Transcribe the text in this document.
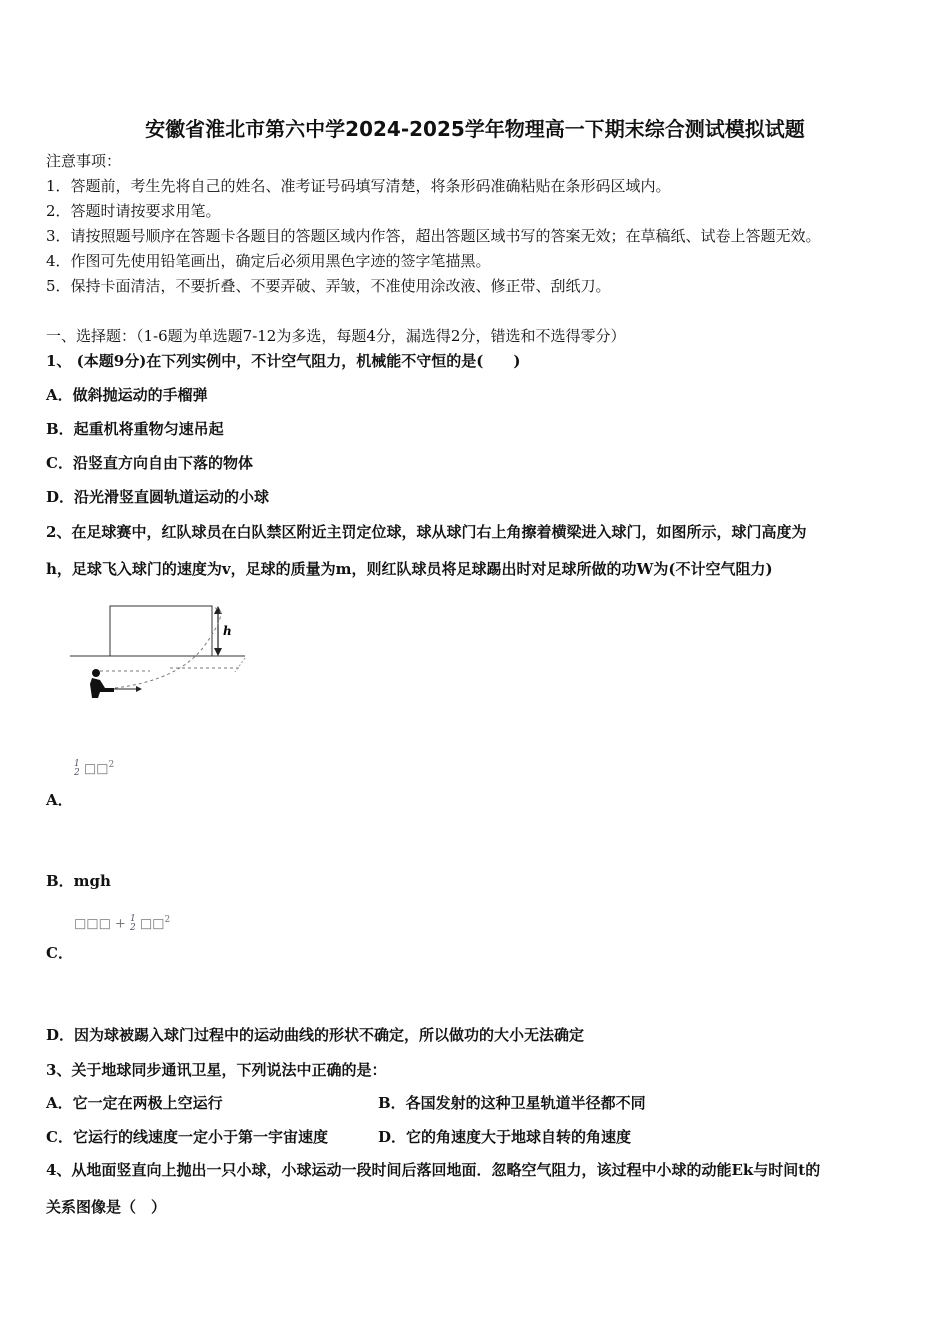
安徽省淮北市第六中学2024-2025学年物理高一下期末综合测试模拟试题
注意事项：
1．答题前，考生先将自己的姓名、准考证号码填写清楚，将条形码准确粘贴在条形码区域内。
2．答题时请按要求用笔。
3．请按照题号顺序在答题卡各题目的答题区域内作答，超出答题区域书写的答案无效；在草稿纸、试卷上答题无效。
4．作图可先使用铅笔画出，确定后必须用黑色字迹的签字笔描黑。
5．保持卡面清洁，不要折叠、不要弄破、弄皱，不准使用涂改液、修正带、刮纸刀。
一、选择题：（1-6题为单选题7-12为多选，每题4分，漏选得2分，错选和不选得零分）
1、 (本题9分)在下列实例中，不计空气阻力，机械能不守恒的是(　　)
A．做斜抛运动的手榴弹
B．起重机将重物匀速吊起
C．沿竖直方向自由下落的物体
D．沿光滑竖直圆轨道运动的小球
2、在足球赛中，红队球员在白队禁区附近主罚定位球，球从球门右上角擦着横梁进入球门，如图所示，球门高度为
h，足球飞入球门的速度为v，足球的质量为m，则红队球员将足球踢出时对足球所做的功W为(不计空气阻力)
h
1
2 □□$^2$
A．
B．mgh
□□□ + 1
2 □□$^2$
C．
D．因为球被踢入球门过程中的运动曲线的形状不确定，所以做功的大小无法确定
3、关于地球同步通讯卫星，下列说法中正确的是：
A．它一定在两极上空运行	B．各国发射的这种卫星轨道半径都不同
C．它运行的线速度一定小于第一宇宙速度	D．它的角速度大于地球自转的角速度
4、从地面竖直向上抛出一只小球，小球运动一段时间后落回地面．忽略空气阻力，该过程中小球的动能Ek与时间t的
关系图像是（　）
